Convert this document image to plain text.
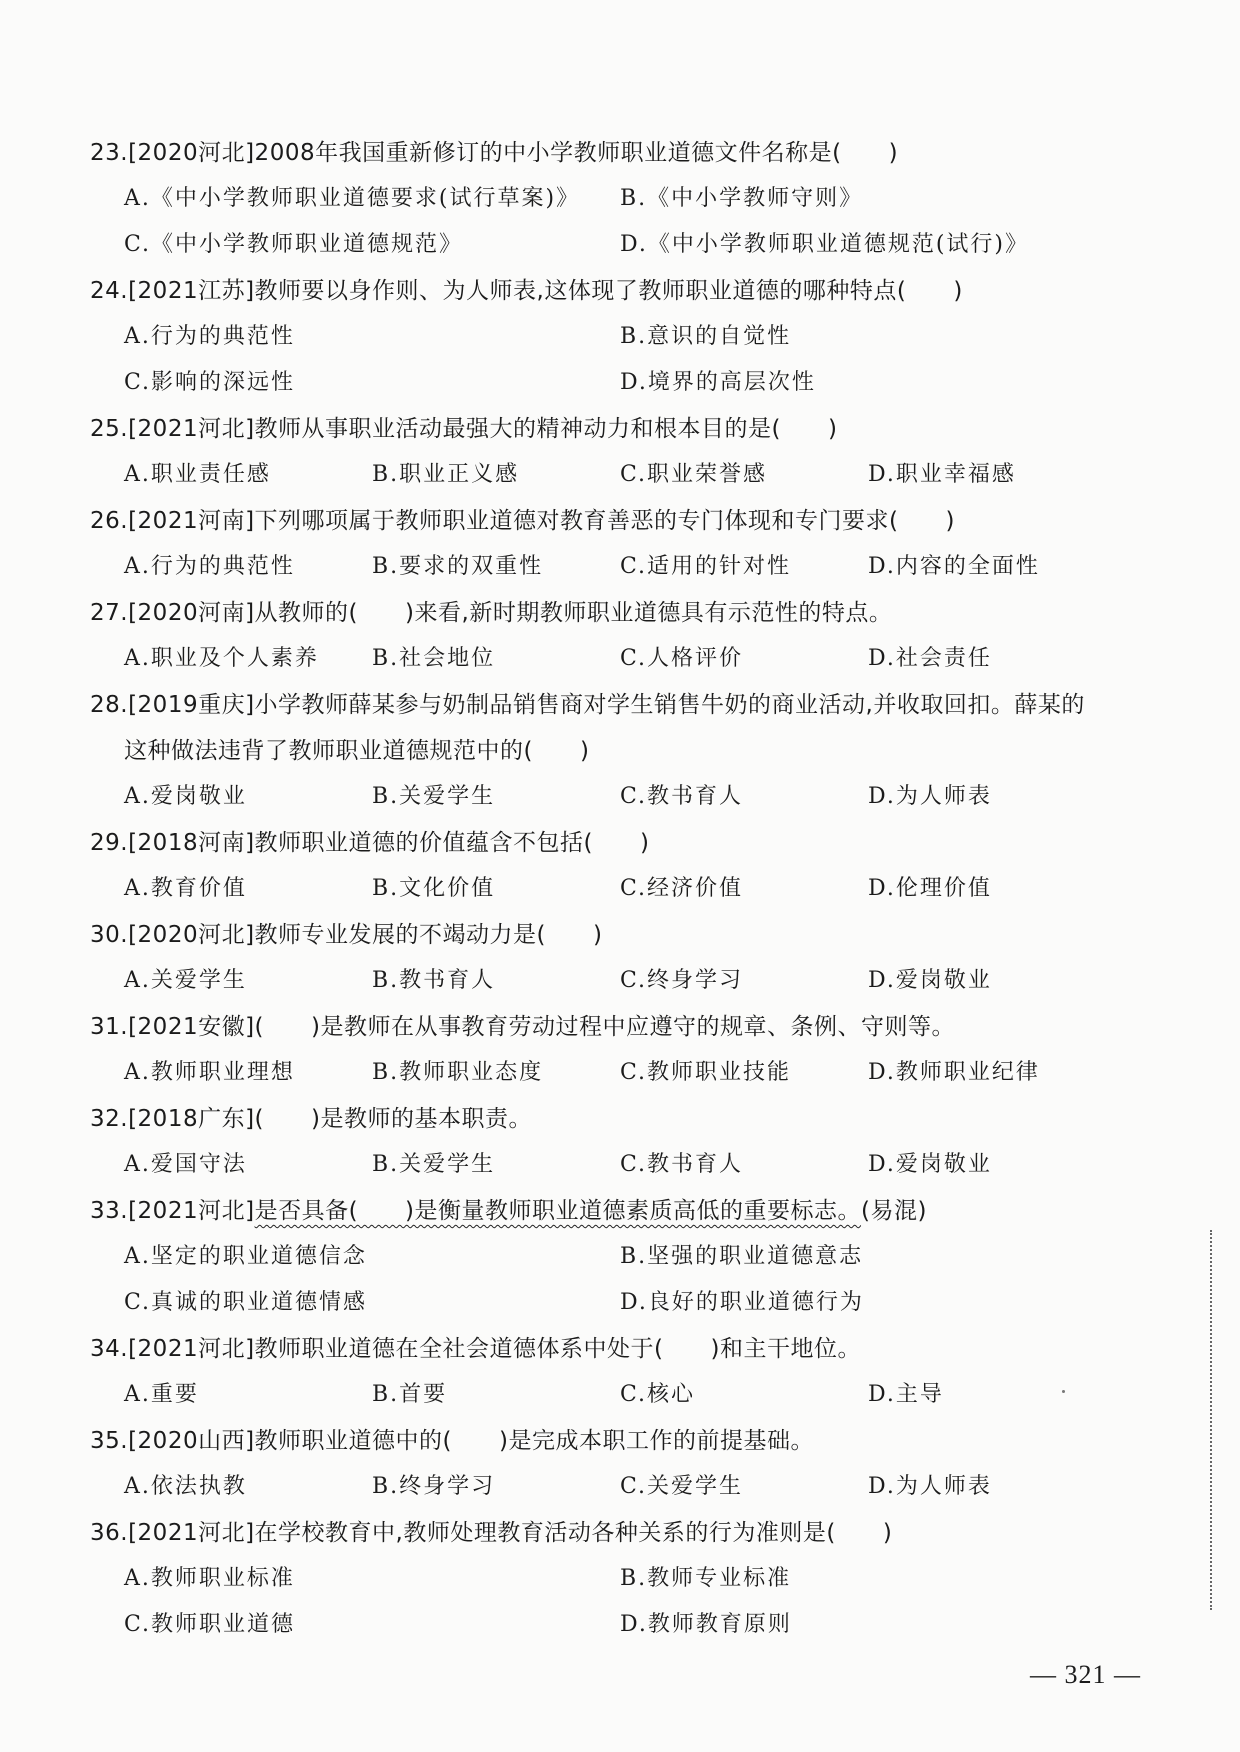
23.[2020河北]2008年我国重新修订的中小学教师职业道德文件名称是(　　)
A.《中小学教师职业道德要求(试行草案)》	B.《中小学教师守则》
C.《中小学教师职业道德规范》	D.《中小学教师职业道德规范(试行)》
24.[2021江苏]教师要以身作则、为人师表,这体现了教师职业道德的哪种特点(　　)
A.行为的典范性	B.意识的自觉性
C.影响的深远性	D.境界的高层次性
25.[2021河北]教师从事职业活动最强大的精神动力和根本目的是(　　)
A.职业责任感	B.职业正义感	C.职业荣誉感	D.职业幸福感
26.[2021河南]下列哪项属于教师职业道德对教育善恶的专门体现和专门要求(　　)
A.行为的典范性	B.要求的双重性	C.适用的针对性	D.内容的全面性
27.[2020河南]从教师的(　　)来看,新时期教师职业道德具有示范性的特点。
A.职业及个人素养	B.社会地位	C.人格评价	D.社会责任
28.[2019重庆]小学教师薛某参与奶制品销售商对学生销售牛奶的商业活动,并收取回扣。薛某的
这种做法违背了教师职业道德规范中的(　　)
A.爱岗敬业	B.关爱学生	C.教书育人	D.为人师表
29.[2018河南]教师职业道德的价值蕴含不包括(　　)
A.教育价值	B.文化价值	C.经济价值	D.伦理价值
30.[2020河北]教师专业发展的不竭动力是(　　)
A.关爱学生	B.教书育人	C.终身学习	D.爱岗敬业
31.[2021安徽](　　)是教师在从事教育劳动过程中应遵守的规章、条例、守则等。
A.教师职业理想	B.教师职业态度	C.教师职业技能	D.教师职业纪律
32.[2018广东](　　)是教师的基本职责。
A.爱国守法	B.关爱学生	C.教书育人	D.爱岗敬业
33.[2021河北]是否具备(　　)是衡量教师职业道德素质高低的重要标志。(易混)
A.坚定的职业道德信念	B.坚强的职业道德意志
C.真诚的职业道德情感	D.良好的职业道德行为
34.[2021河北]教师职业道德在全社会道德体系中处于(　　)和主干地位。
A.重要	B.首要	C.核心	D.主导
35.[2020山西]教师职业道德中的(　　)是完成本职工作的前提基础。
A.依法执教	B.终身学习	C.关爱学生	D.为人师表
36.[2021河北]在学校教育中,教师处理教育活动各种关系的行为准则是(　　)
A.教师职业标准	B.教师专业标准
C.教师职业道德	D.教师教育原则
— 321 —
